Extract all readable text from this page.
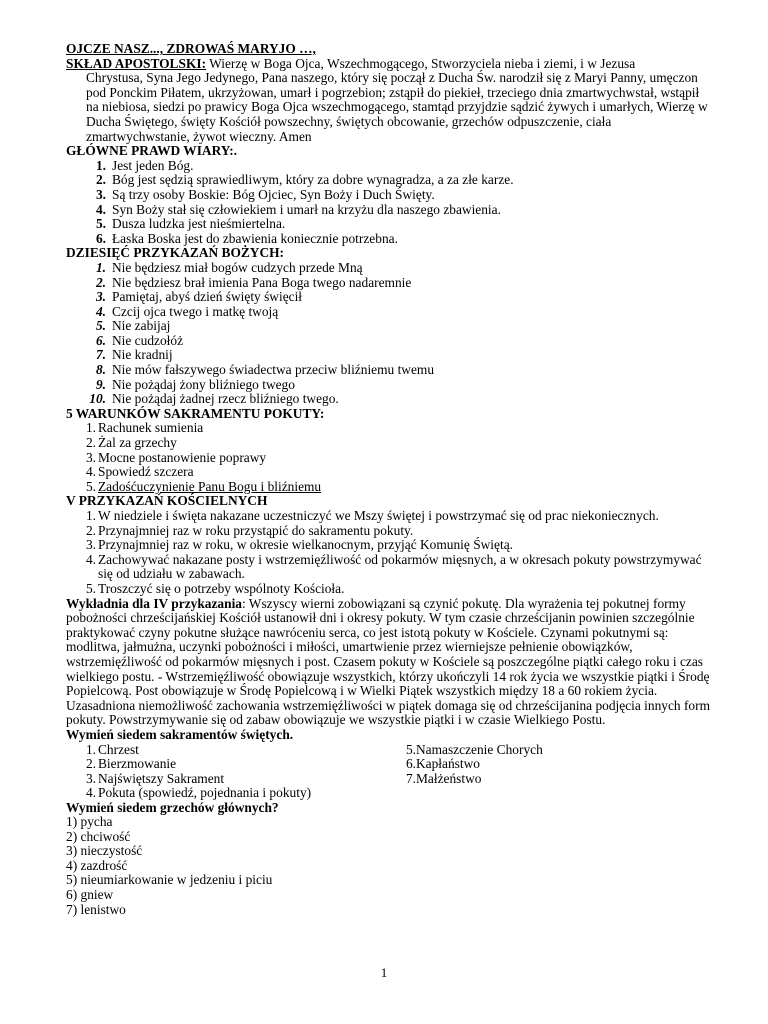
OJCZE NASZ..., ZDROWAŚ MARYJO …,
SKŁAD APOSTOLSKI: Wierzę w Boga Ojca, Wszechmogącego, Stworzyciela nieba i ziemi, i w Jezusa
Chrystusa, Syna Jego Jedynego, Pana naszego, który się począł z Ducha Św. narodził się z Maryi Panny, umęczon pod Ponckim Piłatem, ukrzyżowan, umarł i pogrzebion; zstąpił do piekieł, trzeciego dnia zmartwychwstał, wstąpił na niebiosa, siedzi po prawicy Boga Ojca wszechmogącego, stamtąd przyjdzie sądzić żywych i umarłych, Wierzę w Ducha Świętego, święty Kościół powszechny, świętych obcowanie, grzechów odpuszczenie, ciała zmartwychwstanie, żywot wieczny. Amen
GŁÓWNE PRAWD WIARY:.
1. Jest jeden Bóg.
2. Bóg jest sędzią sprawiedliwym, który za dobre wynagradza, a za złe karze.
3. Są trzy osoby Boskie: Bóg Ojciec, Syn Boży i Duch Święty.
4. Syn Boży stał się człowiekiem i umarł na krzyżu dla naszego zbawienia.
5. Dusza ludzka jest nieśmiertelna.
6. Łaska Boska jest do zbawienia koniecznie potrzebna.
DZIESIĘĆ PRZYKAZAŃ BOŻYCH:
1. Nie będziesz miał bogów cudzych przede Mną
2. Nie będziesz brał imienia Pana Boga twego nadaremnie
3. Pamiętaj, abyś dzień święty święcił
4. Czcij ojca twego i matkę twoją
5. Nie zabijaj
6. Nie cudzołóż
7. Nie kradnij
8. Nie mów fałszywego świadectwa przeciw bliźniemu twemu
9. Nie pożądaj żony bliźniego twego
10. Nie pożądaj żadnej rzecz bliźniego twego.
5 WARUNKÓW SAKRAMENTU POKUTY:
1. Rachunek sumienia
2. Żal za grzechy
3. Mocne postanowienie poprawy
4. Spowiedź szczera
5. Zadośćuczynienie Panu Bogu i bliźniemu
V PRZYKAZAŃ KOŚCIELNYCH
1. W niedziele i święta nakazane uczestniczyć we Mszy świętej i powstrzymać się od prac niekoniecznych.
2. Przynajmniej raz w roku przystąpić do sakramentu pokuty.
3. Przynajmniej raz w roku, w okresie wielkanocnym, przyjąć Komunię Świętą.
4. Zachowywać nakazane posty i wstrzemięźliwość od pokarmów mięsnych, a w okresach pokuty powstrzymywać się od udziału w zabawach.
5. Troszczyć się o potrzeby wspólnoty Kościoła.
Wykładnia dla IV przykazania: Wszyscy wierni zobowiązani są czynić pokutę. Dla wyrażenia tej pokutnej formy pobożności chrześcijańskiej Kościół ustanowił dni i okresy pokuty. W tym czasie chrześcijanin powinien szczególnie praktykować czyny pokutne służące nawróceniu serca, co jest istotą pokuty w Kościele. Czynami pokutnymi są: modlitwa, jałmużna, uczynki pobożności i miłości, umartwienie przez wierniejsze pełnienie obowiązków, wstrzemięźliwość od pokarmów mięsnych i post. Czasem pokuty w Kościele są poszczególne piątki całego roku i czas wielkiego postu. - Wstrzemięźliwość obowiązuje wszystkich, którzy ukończyli 14 rok życia we wszystkie piątki i Środę Popielcową. Post obowiązuje w Środę Popielcową i w Wielki Piątek wszystkich między 18 a 60 rokiem życia. Uzasadniona niemożliwość zachowania wstrzemięźliwości w piątek domaga się od chrześcijanina podjęcia innych form pokuty. Powstrzymywanie się od zabaw obowiązuje we wszystkie piątki i w czasie Wielkiego Postu.
Wymień siedem sakramentów świętych.
1. Chrzest
2. Bierzmowanie
3. Najświętszy Sakrament
4. Pokuta (spowiedź, pojednania i pokuty)
5. Namaszczenie Chorych
6. Kapłaństwo
7. Małżeństwo
Wymień siedem grzechów głównych?
1) pycha
2) chciwość
3) nieczystość
4) zazdrość
5) nieumiarkowanie w jedzeniu i piciu
6) gniew
7) lenistwo
1
